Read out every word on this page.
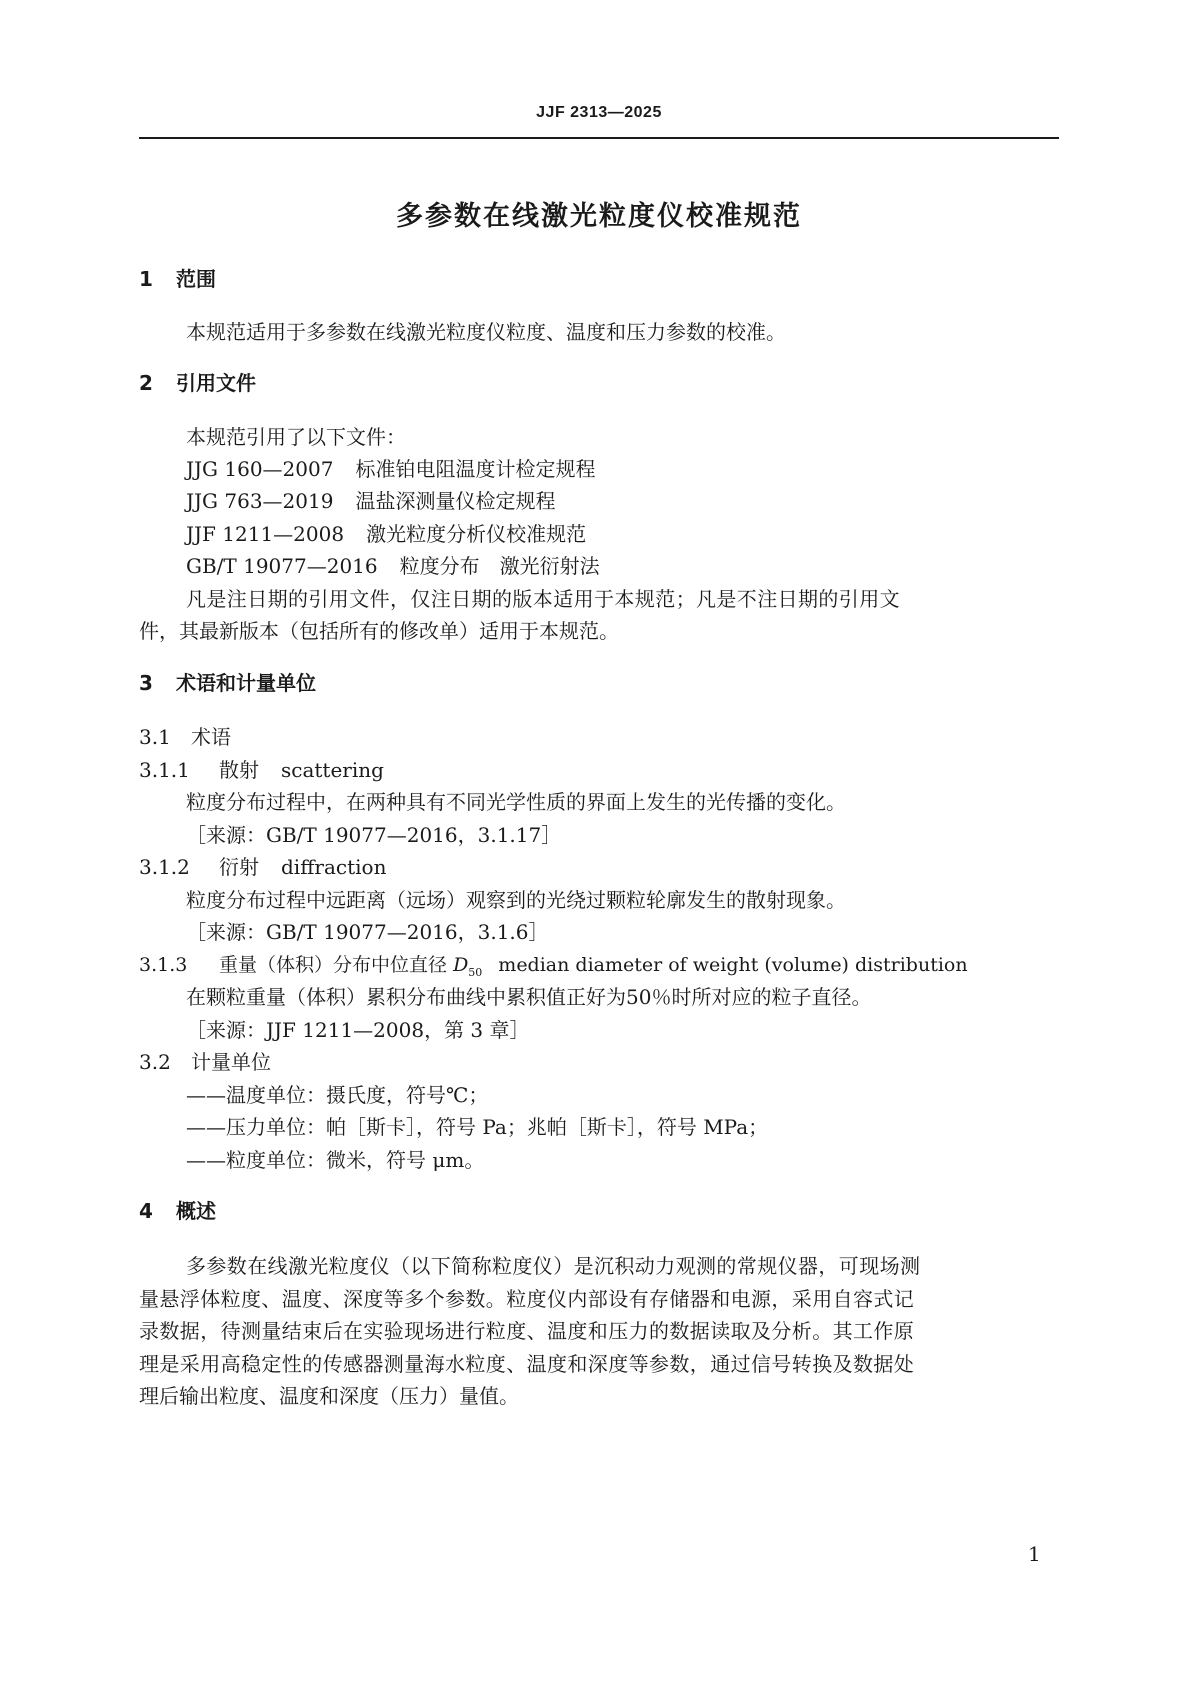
JJF 2313—2025
多参数在线激光粒度仪校准规范
1 范围
本规范适用于多参数在线激光粒度仪粒度、温度和压力参数的校准。
2 引用文件
本规范引用了以下文件：
JJG 160—2007 标准铂电阻温度计检定规程
JJG 763—2019 温盐深测量仪检定规程
JJF 1211—2008 激光粒度分析仪校准规范
GB/T 19077—2016 粒度分布　激光衍射法
凡是注日期的引用文件，仅注日期的版本适用于本规范；凡是不注日期的引用文
件，其最新版本（包括所有的修改单）适用于本规范。
3 术语和计量单位
3.1 术语
3.1.1 散射 scattering
粒度分布过程中，在两种具有不同光学性质的界面上发生的光传播的变化。
［来源：GB/T 19077—2016，3.1.17］
3.1.2 衍射 diffraction
粒度分布过程中远距离（远场）观察到的光绕过颗粒轮廓发生的散射现象。
［来源：GB/T 19077—2016，3.1.6］
3.1.3 重量（体积）分布中位直径 $D_{50}$ median diameter of weight (volume) distribution
在颗粒重量（体积）累积分布曲线中累积值正好为50％时所对应的粒子直径。
［来源：JJF 1211—2008，第 3 章］
3.2 计量单位
——温度单位：摄氏度，符号℃；
——压力单位：帕［斯卡］，符号 Pa；兆帕［斯卡］，符号 MPa；
——粒度单位：微米，符号 μm。
4 概述
多参数在线激光粒度仪（以下简称粒度仪）是沉积动力观测的常规仪器，可现场测
量悬浮体粒度、温度、深度等多个参数。粒度仪内部设有存储器和电源，采用自容式记
录数据，待测量结束后在实验现场进行粒度、温度和压力的数据读取及分析。其工作原
理是采用高稳定性的传感器测量海水粒度、温度和深度等参数，通过信号转换及数据处
理后输出粒度、温度和深度（压力）量值。
1
